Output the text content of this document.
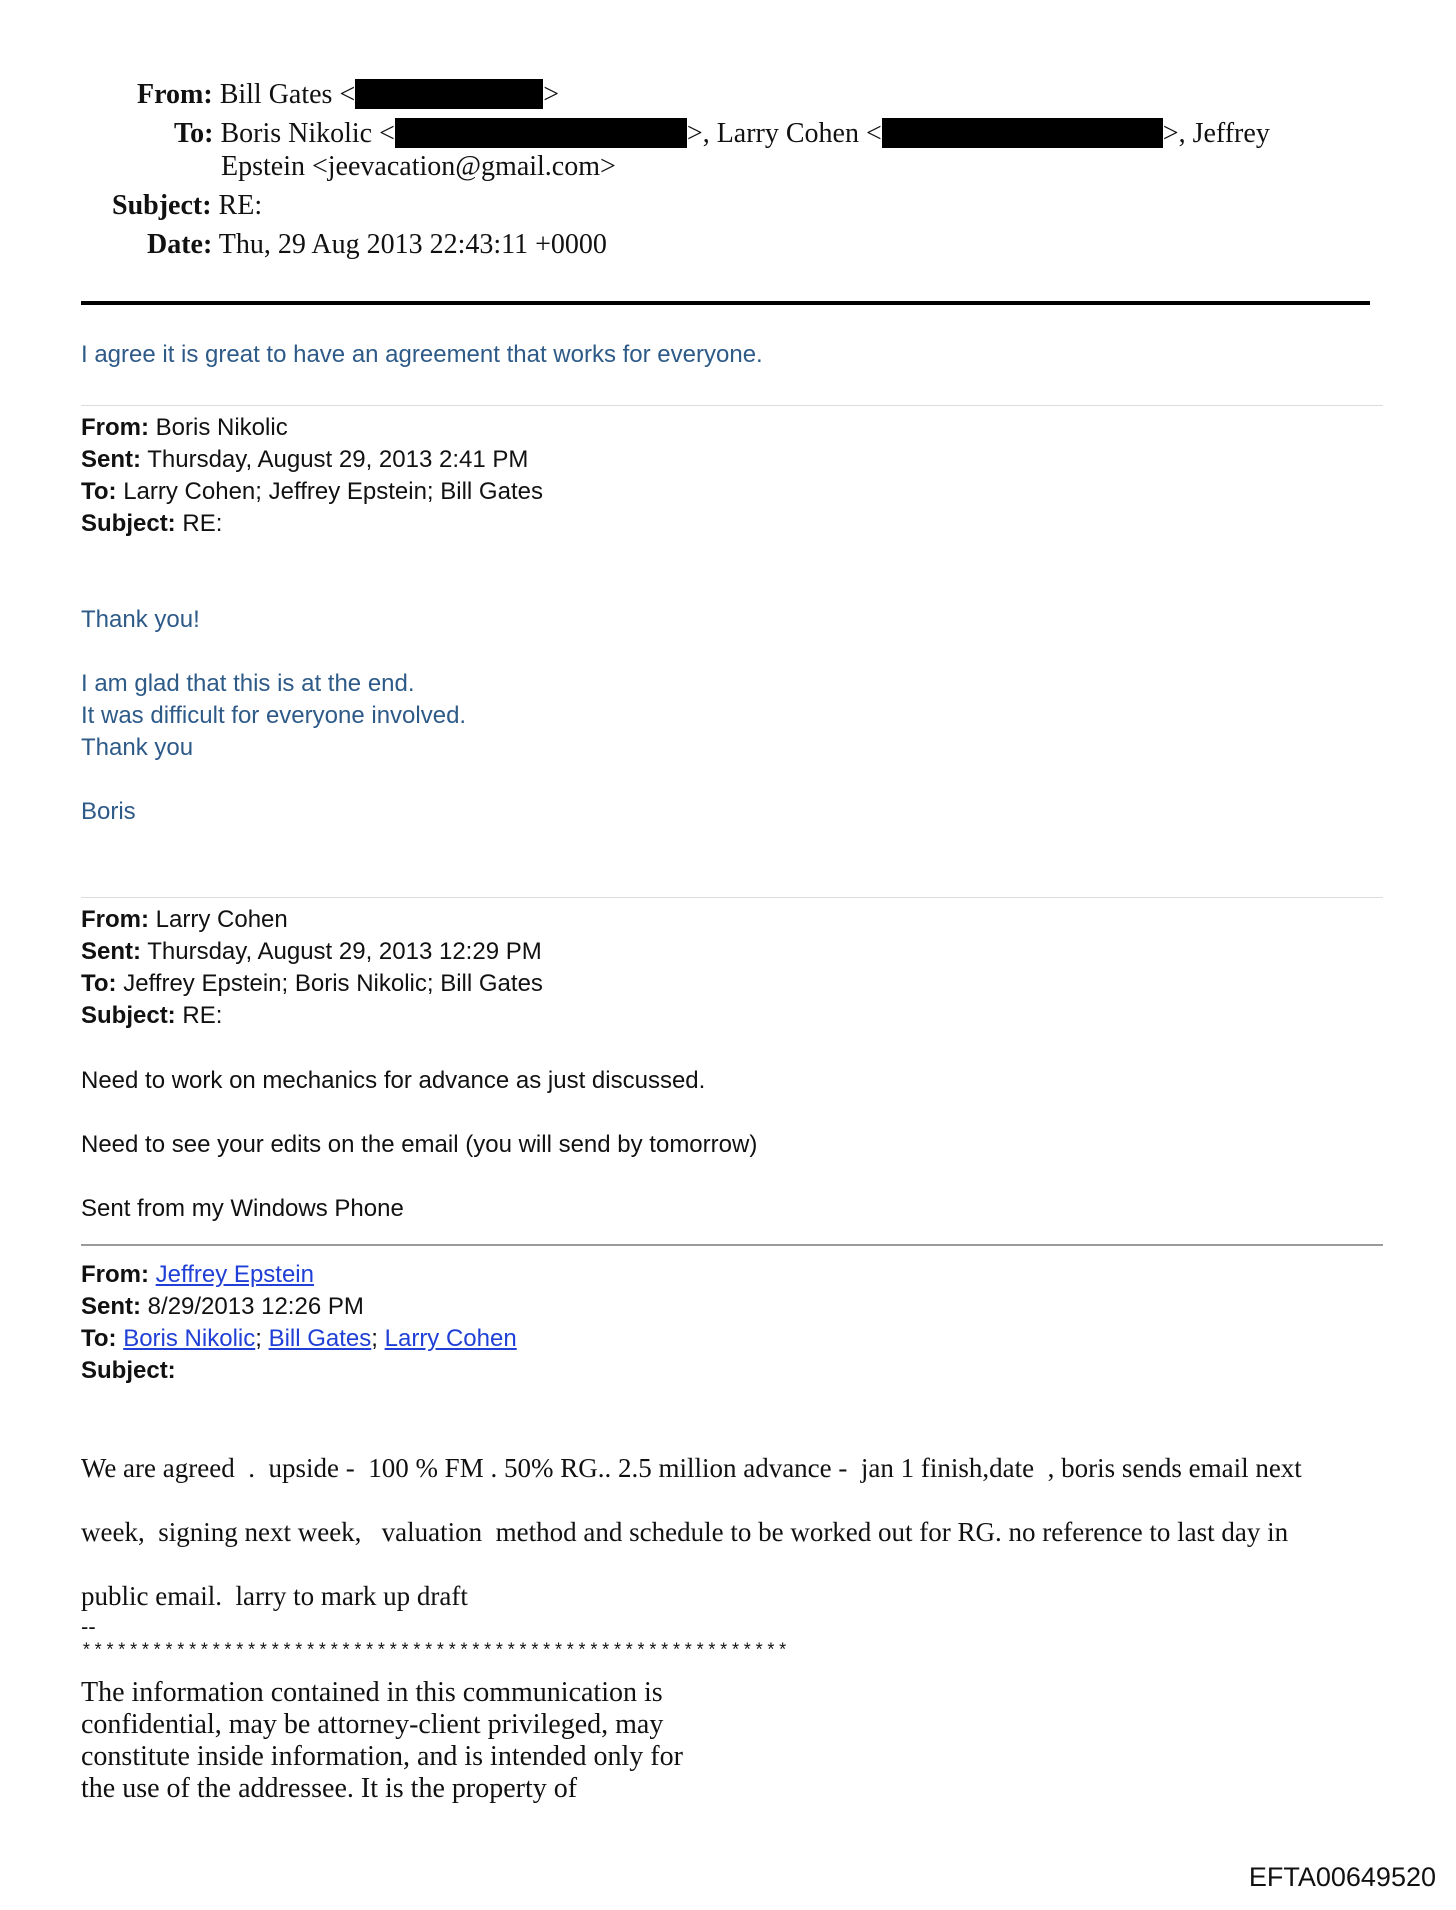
From: Bill Gates <	>
To: Boris Nikolic <	>, Larry Cohen <	>, Jeffrey
Epstein <jeevacation@gmail.com>
Subject: RE:
Date: Thu, 29 Aug 2013 22:43:11 +0000
I agree it is great to have an agreement that works for everyone.
From: Boris Nikolic
Sent: Thursday, August 29, 2013 2:41 PM
To: Larry Cohen; Jeffrey Epstein; Bill Gates
Subject: RE:
Thank you!
I am glad that this is at the end.
It was difficult for everyone involved.
Thank you
Boris
From: Larry Cohen
Sent: Thursday, August 29, 2013 12:29 PM
To: Jeffrey Epstein; Boris Nikolic; Bill Gates
Subject: RE:
Need to work on mechanics for advance as just discussed.
Need to see your edits on the email (you will send by tomorrow)
Sent from my Windows Phone
From: Jeffrey Epstein
Sent: 8/29/2013 12:26 PM
To: Boris Nikolic; Bill Gates; Larry Cohen
Subject:

We are agreed  .  upside -  100 % FM . 50% RG.. 2.5 million advance -  jan 1 finish,date  , boris sends email next

week,  signing next week,   valuation  method and schedule to be worked out for RG. no reference to last day in

public email.  larry to mark up draft

--
************************************************************
The information contained in this communication is
confidential, may be attorney-client privileged, may
constitute inside information, and is intended only for
the use of the addressee. It is the property of
EFTA00649520
